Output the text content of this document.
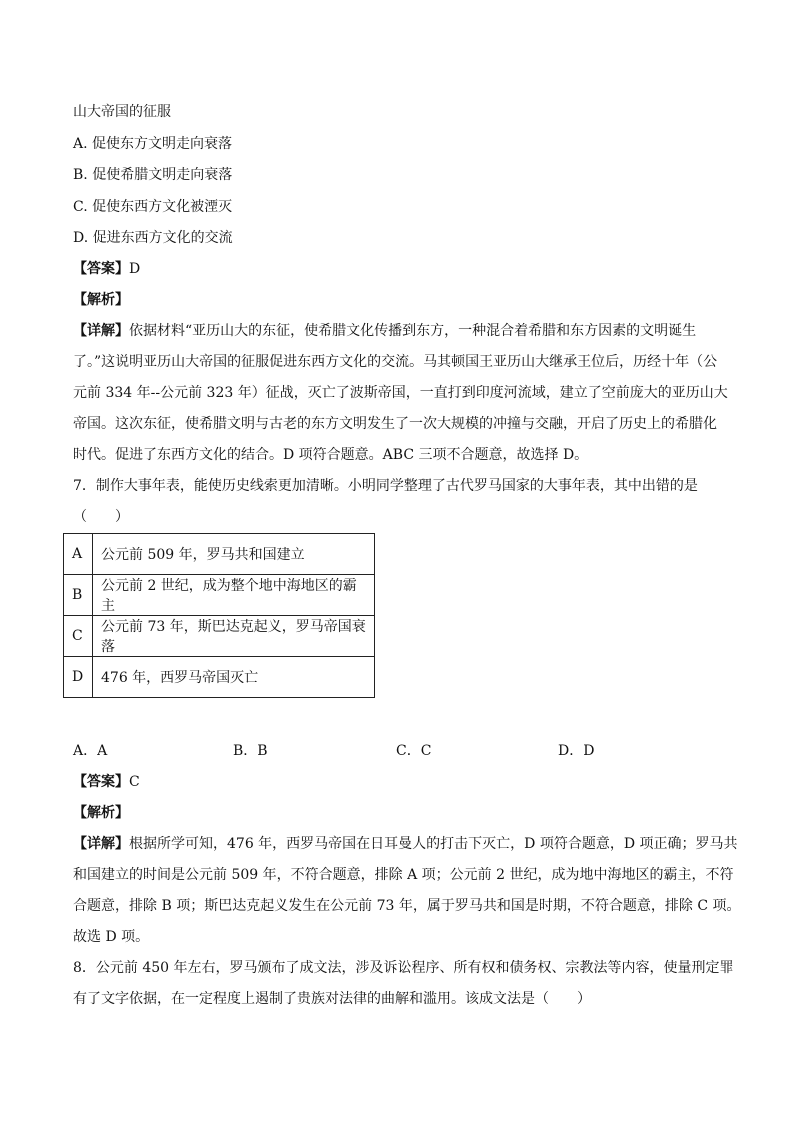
山大帝国的征服
A. 促使东方文明走向衰落
B. 促使希腊文明走向衰落
C. 促使东西方文化被湮灭
D. 促进东西方文化的交流
【答案】D
【解析】
【详解】依据材料“亚历山大的东征，使希腊文化传播到东方，一种混合着希腊和东方因素的文明诞生
了。”这说明亚历山大帝国的征服促进东西方文化的交流。马其顿国王亚历山大继承王位后，历经十年（公
元前 334 年--公元前 323 年）征战，灭亡了波斯帝国，一直打到印度河流域，建立了空前庞大的亚历山大
帝国。这次东征，使希腊文明与古老的东方文明发生了一次大规模的冲撞与交融，开启了历史上的希腊化
时代。促进了东西方文化的结合。D 项符合题意。ABC 三项不合题意，故选择 D。
7．制作大事年表，能使历史线索更加清晰。小明同学整理了古代罗马国家的大事年表，其中出错的是
（　　）
A	公元前 509 年，罗马共和国建立
B	公元前 2 世纪，成为整个地中海地区的霸主
C	公元前 73 年，斯巴达克起义，罗马帝国衰落
D	476 年，西罗马帝国灭亡
A．A	B．B	C．C	D．D
【答案】C
【解析】
【详解】根据所学可知，476 年，西罗马帝国在日耳曼人的打击下灭亡，D 项符合题意，D 项正确；罗马共
和国建立的时间是公元前 509 年，不符合题意，排除 A 项；公元前 2 世纪，成为地中海地区的霸主，不符
合题意，排除 B 项；斯巴达克起义发生在公元前 73 年，属于罗马共和国是时期，不符合题意，排除 C 项。
故选 D 项。
8．公元前 450 年左右，罗马颁布了成文法，涉及诉讼程序、所有权和债务权、宗教法等内容，使量刑定罪
有了文字依据，在一定程度上遏制了贵族对法律的曲解和滥用。该成文法是（　　）
